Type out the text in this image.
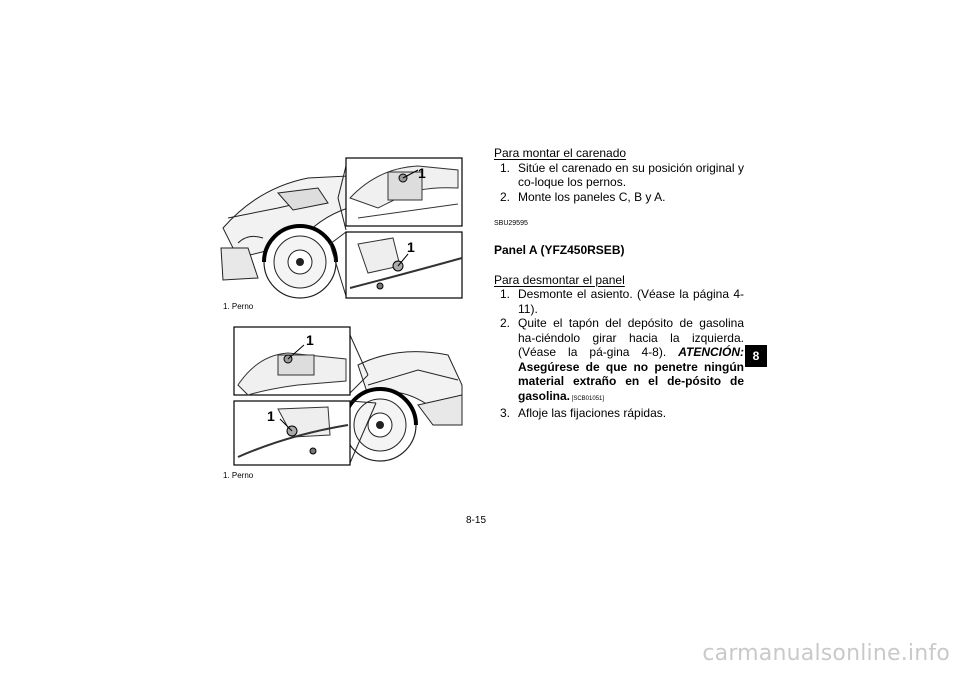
1
1
1. Perno
1
1
1. Perno
Para montar el carenado
1. Sitúe el carenado en su posición original y co-loque los pernos.
2. Monte los paneles C, B y A.
SBU29595
Panel A (YFZ450RSEB)
Para desmontar el panel
1. Desmonte el asiento. (Véase la página 4-11).
2. Quite el tapón del depósito de gasolina ha-ciéndolo girar hacia la izquierda. (Véase la pá-gina 4-8). ATENCIÓN: Asegúrese de que no penetre ningún material extraño en el de-pósito de gasolina. [SCB01051]
3. Afloje las fijaciones rápidas.
8
8-15
carmanualsonline.info
